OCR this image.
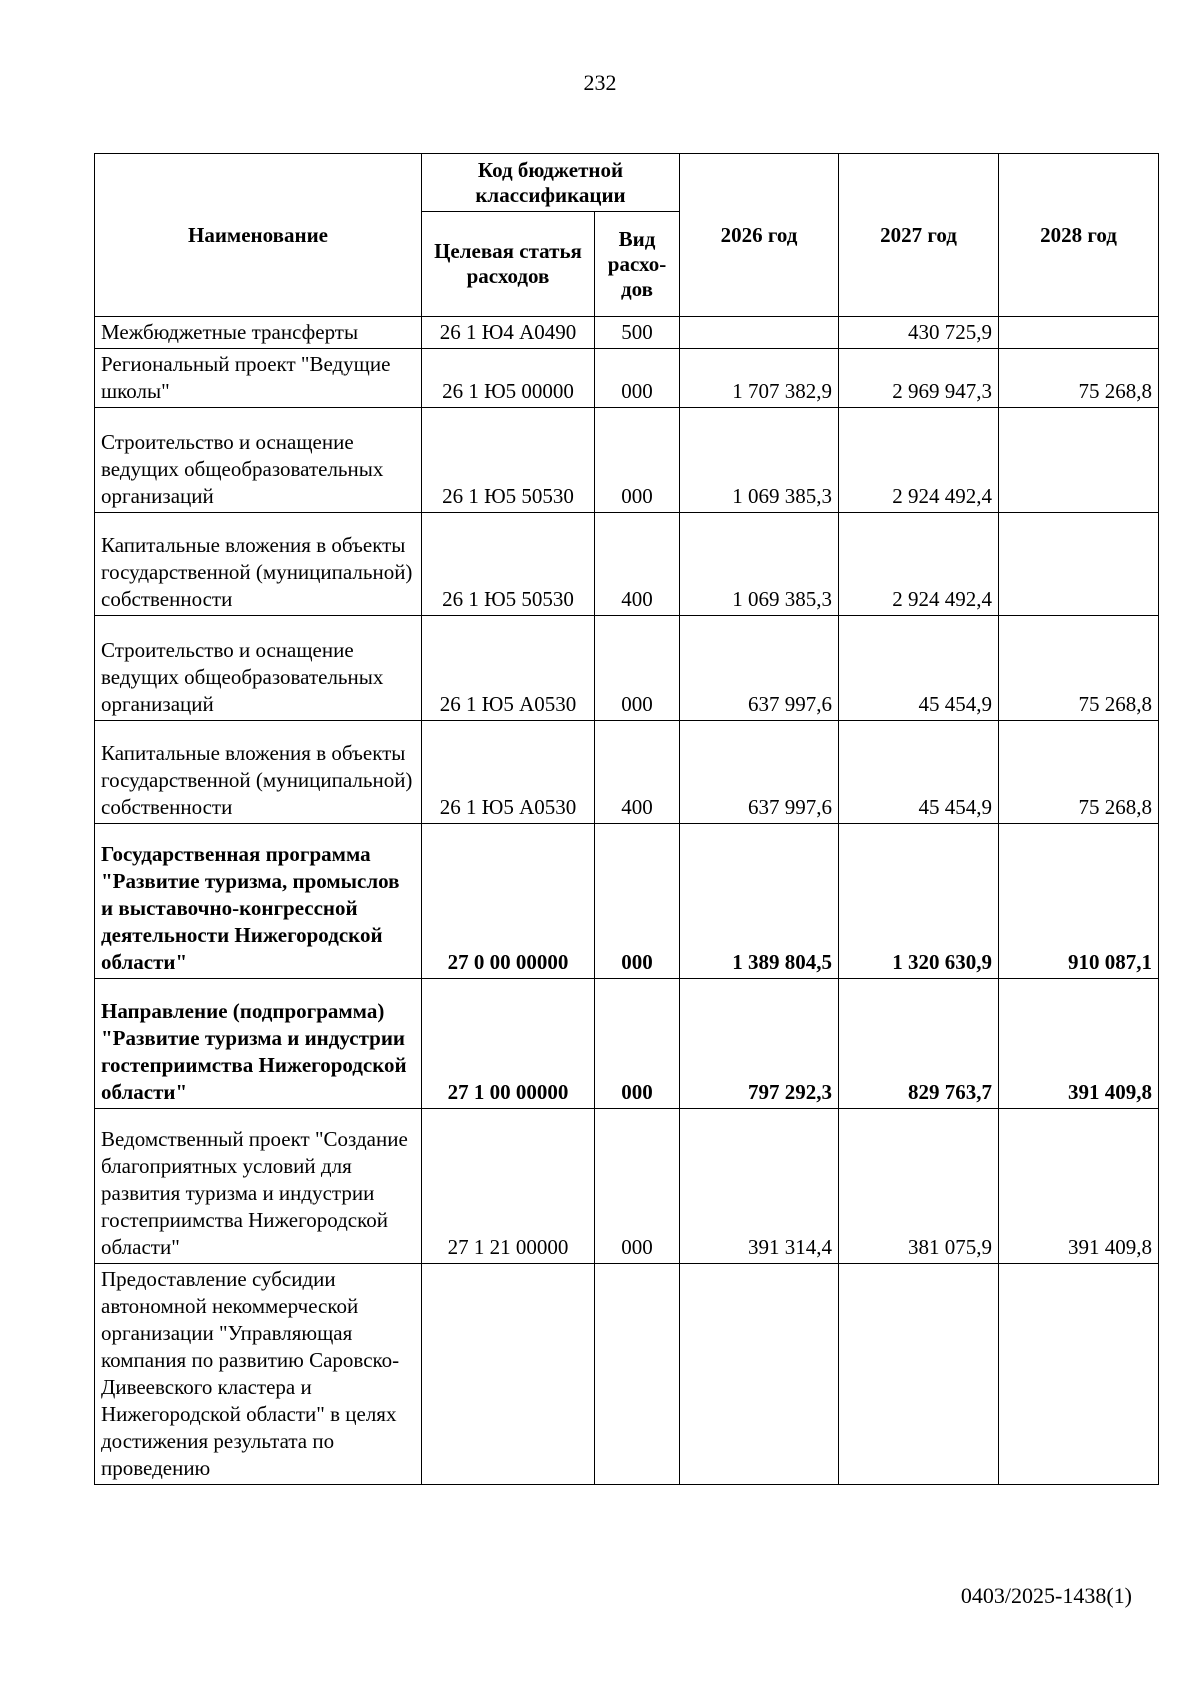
232
Наименование	Код бюджетной классификации		2026 год	2027 год	2028 год
	Целевая статья расходов	Вид расхо-дов			
Межбюджетные трансферты	26 1 Ю4 А0490	500		430 725,9	
Региональный проект "Ведущие школы"	26 1 Ю5 00000	000	1 707 382,9	2 969 947,3	75 268,8
Строительство и оснащение ведущих общеобразовательных организаций	26 1 Ю5 50530	000	1 069 385,3	2 924 492,4	
Капитальные вложения в объекты государственной (муниципальной) собственности	26 1 Ю5 50530	400	1 069 385,3	2 924 492,4	
Строительство и оснащение ведущих общеобразовательных организаций	26 1 Ю5 А0530	000	637 997,6	45 454,9	75 268,8
Капитальные вложения в объекты государственной (муниципальной) собственности	26 1 Ю5 А0530	400	637 997,6	45 454,9	75 268,8
Государственная программа "Развитие туризма, промыслов и выставочно-конгрессной деятельности Нижегородской области"	27 0 00 00000	000	1 389 804,5	1 320 630,9	910 087,1
Направление (подпрограмма) "Развитие туризма и индустрии гостеприимства Нижегородской области"	27 1 00 00000	000	797 292,3	829 763,7	391 409,8
Ведомственный проект "Создание благоприятных условий для развития туризма и индустрии гостеприимства Нижегородской области"	27 1 21 00000	000	391 314,4	381 075,9	391 409,8
Предоставление субсидии автономной некоммерческой организации "Управляющая компания по развитию Саровско-Дивеевского кластера и Нижегородской области" в целях достижения результата по проведению					
0403/2025-1438(1)
